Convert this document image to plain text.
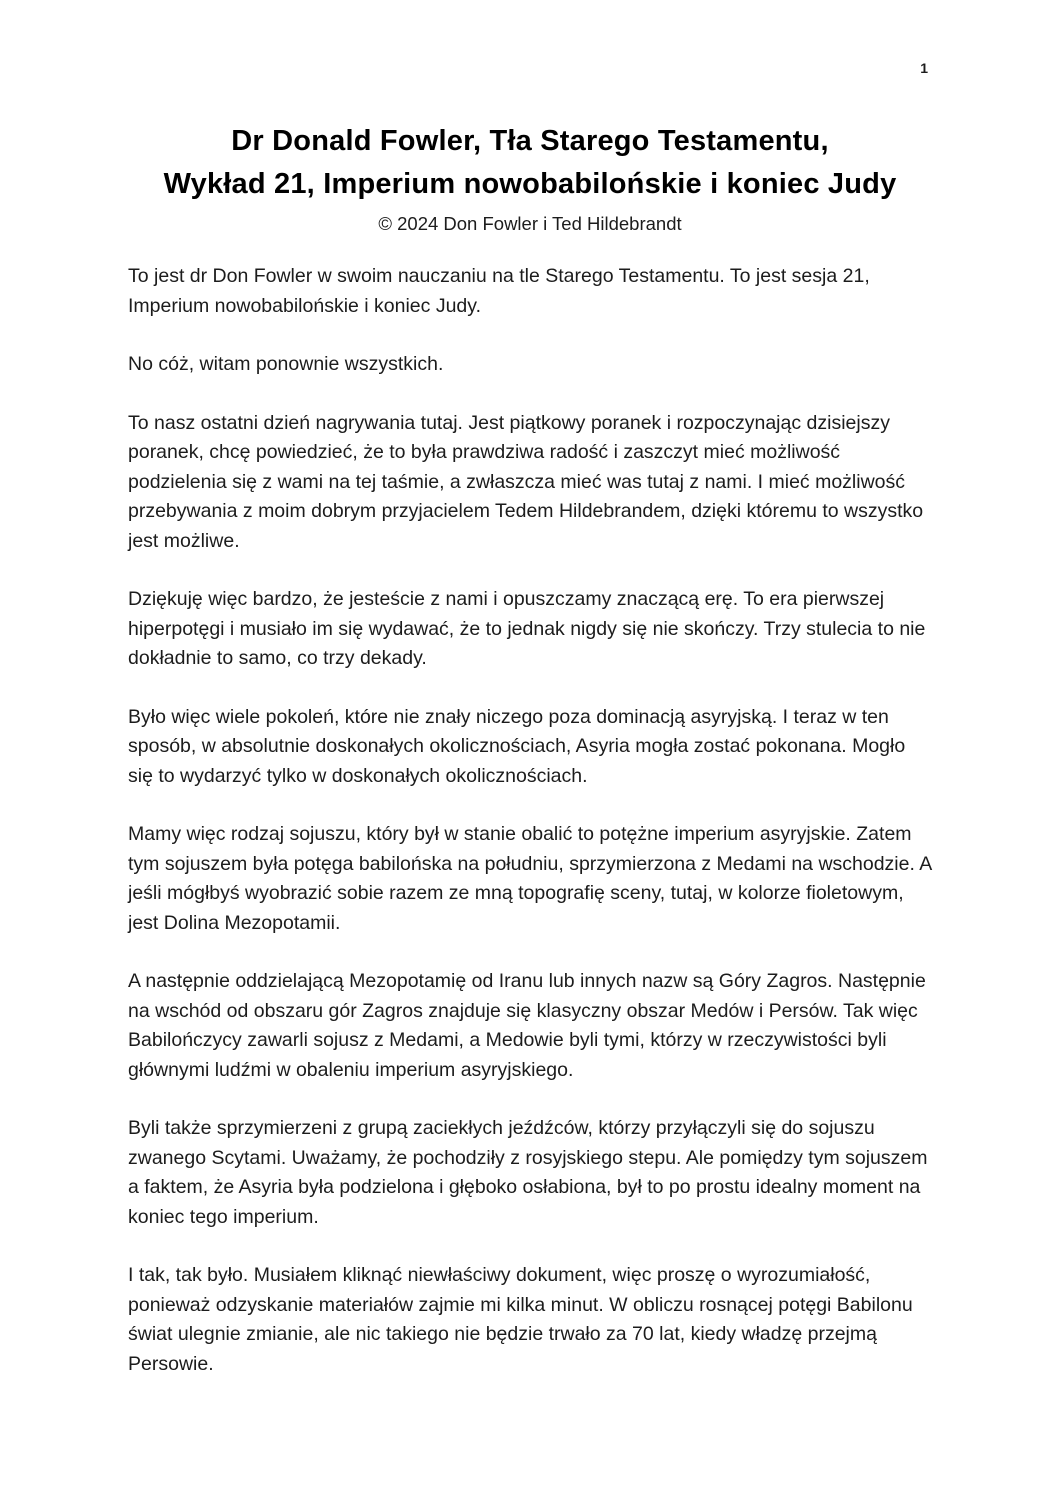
1
Dr Donald Fowler, Tła Starego Testamentu,
Wykład 21, Imperium nowobabilońskie i koniec Judy
© 2024 Don Fowler i Ted Hildebrandt

To jest dr Don Fowler w swoim nauczaniu na tle Starego Testamentu. To jest sesja 21, Imperium nowobabilońskie i koniec Judy.

No cóż, witam ponownie wszystkich.

To nasz ostatni dzień nagrywania tutaj. Jest piątkowy poranek i rozpoczynając dzisiejszy poranek, chcę powiedzieć, że to była prawdziwa radość i zaszczyt mieć możliwość podzielenia się z wami na tej taśmie, a zwłaszcza mieć was tutaj z nami. I mieć możliwość przebywania z moim dobrym przyjacielem Tedem Hildebrandem, dzięki któremu to wszystko jest możliwe.

Dziękuję więc bardzo, że jesteście z nami i opuszczamy znaczącą erę. To era pierwszej hiperpotęgi i musiało im się wydawać, że to jednak nigdy się nie skończy. Trzy stulecia to nie dokładnie to samo, co trzy dekady.

Było więc wiele pokoleń, które nie znały niczego poza dominacją asyryjską. I teraz w ten sposób, w absolutnie doskonałych okolicznościach, Asyria mogła zostać pokonana. Mogło się to wydarzyć tylko w doskonałych okolicznościach.

Mamy więc rodzaj sojuszu, który był w stanie obalić to potężne imperium asyryjskie. Zatem tym sojuszem była potęga babilońska na południu, sprzymierzona z Medami na wschodzie. A jeśli mógłbyś wyobrazić sobie razem ze mną topografię sceny, tutaj, w kolorze fioletowym, jest Dolina Mezopotamii.

A następnie oddzielającą Mezopotamię od Iranu lub innych nazw są Góry Zagros. Następnie na wschód od obszaru gór Zagros znajduje się klasyczny obszar Medów i Persów. Tak więc Babilończycy zawarli sojusz z Medami, a Medowie byli tymi, którzy w rzeczywistości byli głównymi ludźmi w obaleniu imperium asyryjskiego.

Byli także sprzymierzeni z grupą zaciekłych jeźdźców, którzy przyłączyli się do sojuszu zwanego Scytami. Uważamy, że pochodziły z rosyjskiego stepu. Ale pomiędzy tym sojuszem a faktem, że Asyria była podzielona i głęboko osłabiona, był to po prostu idealny moment na koniec tego imperium.

I tak, tak było. Musiałem kliknąć niewłaściwy dokument, więc proszę o wyrozumiałość, ponieważ odzyskanie materiałów zajmie mi kilka minut. W obliczu rosnącej potęgi Babilonu świat ulegnie zmianie, ale nic takiego nie będzie trwało za 70 lat, kiedy władzę przejmą Persowie.
